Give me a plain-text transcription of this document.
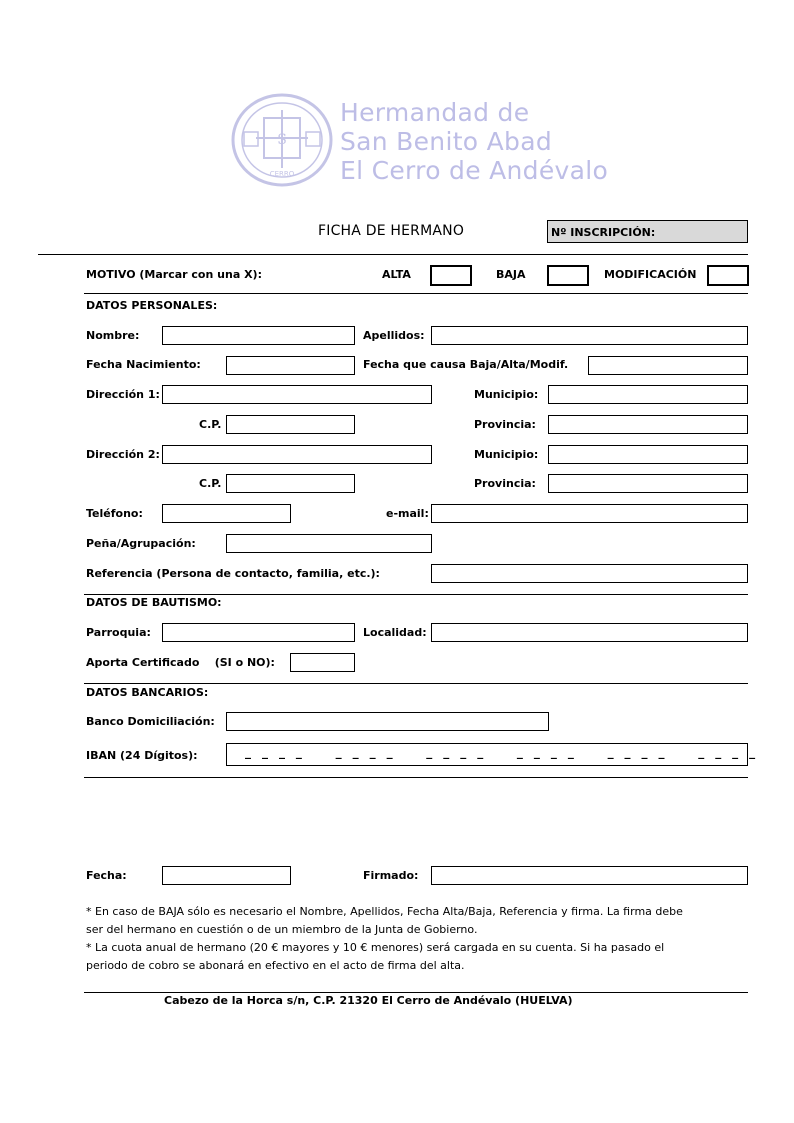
S
CERRO
Hermandad de
San Benito Abad
El Cerro de Andévalo
FICHA DE HERMANO	Nº INSCRIPCIÓN:
MOTIVO (Marcar con una X):	ALTA	BAJA	MODIFICACIÓN
DATOS PERSONALES:
Nombre:	Apellidos:
Fecha Nacimiento:	Fecha que causa Baja/Alta/Modif.
Dirección 1:	Municipio:
C.P.	Provincia:
Dirección 2:	Municipio:
C.P.	Provincia:
Teléfono:	e-mail:
Peña/Agrupación:
Referencia (Persona de contacto, familia, etc.):
DATOS DE BAUTISMO:
Parroquia:	Localidad:
Aporta Certificado    (SI o NO):
DATOS BANCARIOS:
Banco Domiciliación:
IBAN (24 Dígitos):	_ _ _ _    _ _ _ _    _ _ _ _    _ _ _ _    _ _ _ _    _ _ _ _
Fecha:	Firmado:
* En caso de BAJA sólo es necesario el Nombre, Apellidos, Fecha Alta/Baja, Referencia y firma. La firma debe
ser del hermano en cuestión o de un miembro de la Junta de Gobierno.
* La cuota anual de hermano (20 € mayores y 10 € menores) será cargada en su cuenta. Si ha pasado el
periodo de cobro se abonará en efectivo en el acto de firma del alta.
Cabezo de la Horca s/n, C.P. 21320 El Cerro de Andévalo (HUELVA)
